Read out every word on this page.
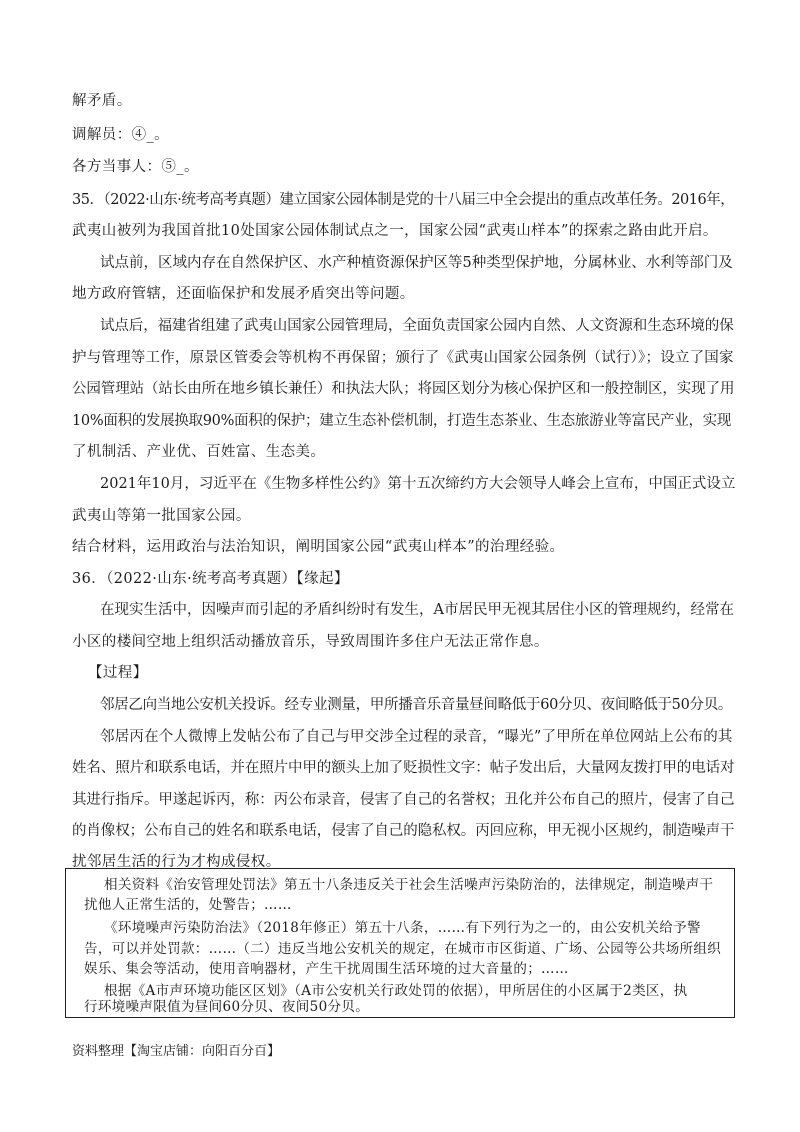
解矛盾。
调解员：④_。
各方当事人：⑤_。
35．（2022·山东·统考高考真题）建立国家公园体制是党的十八届三中全会提出的重点改革任务。2016年，
武夷山被列为我国首批10处国家公园体制试点之一，国家公园“武夷山样本”的探索之路由此开启。
试点前，区域内存在自然保护区、水产种植资源保护区等5种类型保护地，分属林业、水利等部门及
地方政府管辖，还面临保护和发展矛盾突出等问题。
试点后，福建省组建了武夷山国家公园管理局，全面负责国家公园内自然、人文资源和生态环境的保
护与管理等工作，原景区管委会等机构不再保留；颁行了《武夷山国家公园条例（试行）》；设立了国家
公园管理站（站长由所在地乡镇长兼任）和执法大队；将园区划分为核心保护区和一般控制区，实现了用
10%面积的发展换取90%面积的保护；建立生态补偿机制，打造生态茶业、生态旅游业等富民产业，实现
了机制活、产业优、百姓富、生态美。
2021年10月，习近平在《生物多样性公约》第十五次缔约方大会领导人峰会上宣布，中国正式设立
武夷山等第一批国家公园。
结合材料，运用政治与法治知识，阐明国家公园“武夷山样本”的治理经验。
36．（2022·山东·统考高考真题）【缘起】
在现实生活中，因噪声而引起的矛盾纠纷时有发生，A市居民甲无视其居住小区的管理规约，经常在
小区的楼间空地上组织活动播放音乐，导致周围许多住户无法正常作息。
【过程】
邻居乙向当地公安机关投诉。经专业测量，甲所播音乐音量昼间略低于60分贝、夜间略低于50分贝。
邻居丙在个人微博上发帖公布了自己与甲交涉全过程的录音，“曝光”了甲所在单位网站上公布的其
姓名、照片和联系电话，并在照片中甲的额头上加了贬损性文字：帖子发出后，大量网友拨打甲的电话对
其进行指斥。甲遂起诉丙，称：丙公布录音，侵害了自己的名誉权；丑化并公布自己的照片，侵害了自己
的肖像权；公布自己的姓名和联系电话，侵害了自己的隐私权。丙回应称，甲无视小区规约，制造噪声干
扰邻居生活的行为才构成侵权。
相关资料《治安管理处罚法》第五十八条违反关于社会生活噪声污染防治的，法律规定，制造噪声干
扰他人正常生活的，处警告；……
《环境噪声污染防治法》（2018年修正）第五十八条，……有下列行为之一的，由公安机关给予警
告，可以并处罚款：……（二）违反当地公安机关的规定，在城市市区街道、广场、公园等公共场所组织
娱乐、集会等活动，使用音响器材，产生干扰周围生活环境的过大音量的；……
根据《A市声环境功能区区划》（A市公安机关行政处罚的依据），甲所居住的小区属于2类区，执
行环境噪声限值为昼间60分贝、夜间50分贝。
资料整理【淘宝店铺：向阳百分百】
